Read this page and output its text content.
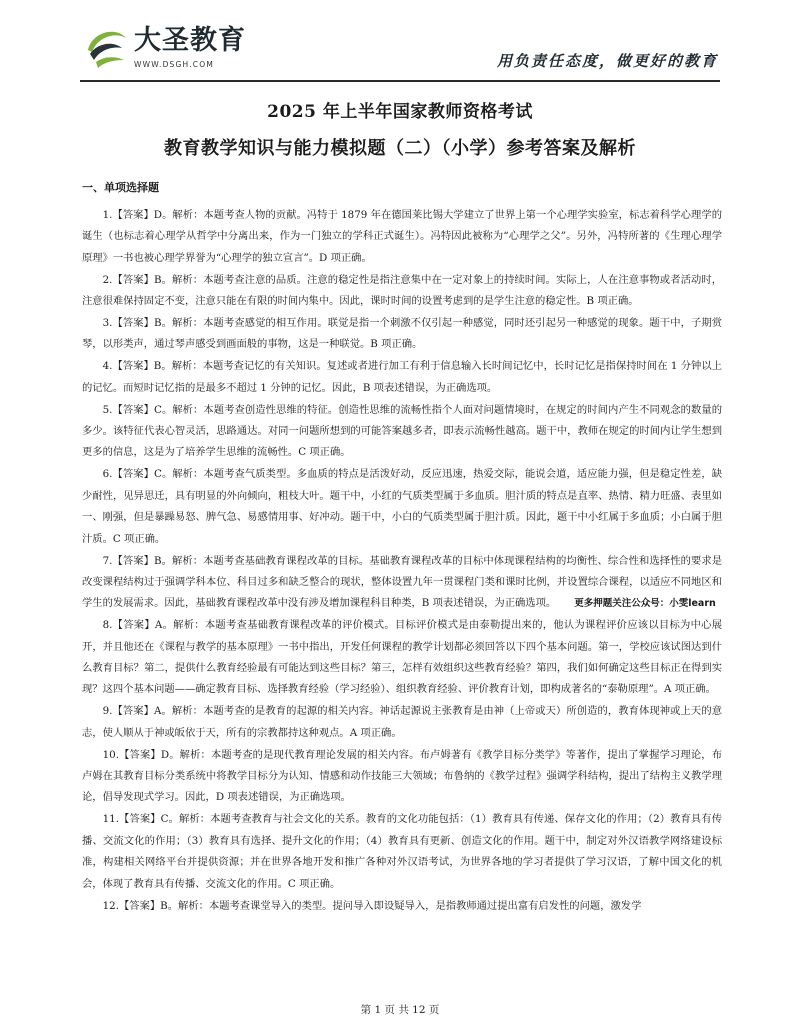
大圣教育
WWW.DSGH.COM	用负责任态度，做更好的教育
2025 年上半年国家教师资格考试
教育教学知识与能力模拟题（二）（小学）参考答案及解析
一、单项选择题

1.【答案】D。解析：本题考查人物的贡献。冯特于 1879 年在德国莱比锡大学建立了世界上第一个心理学实验室，标志着科学心理学的诞生（也标志着心理学从哲学中分离出来，作为一门独立的学科正式诞生）。冯特因此被称为“心理学之父”。另外，冯特所著的《生理心理学原理》一书也被心理学界誉为“心理学的独立宣言”。D 项正确。

2.【答案】B。解析：本题考查注意的品质。注意的稳定性是指注意集中在一定对象上的持续时间。实际上，人在注意事物或者活动时，注意很难保持固定不变，注意只能在有限的时间内集中。因此，课时时间的设置考虑到的是学生注意的稳定性。B 项正确。

3.【答案】B。解析：本题考查感觉的相互作用。联觉是指一个刺激不仅引起一种感觉，同时还引起另一种感觉的现象。题干中，子期赏琴，以形类声，通过琴声感受到画面般的事物，这是一种联觉。B 项正确。

4.【答案】B。解析：本题考查记忆的有关知识。复述或者进行加工有利于信息输入长时间记忆中，长时记忆是指保持时间在 1 分钟以上的记忆。而短时记忆指的是最多不超过 1 分钟的记忆。因此，B 项表述错误，为正确选项。

5.【答案】C。解析：本题考查创造性思维的特征。创造性思维的流畅性指个人面对问题情境时，在规定的时间内产生不同观念的数量的多少。该特征代表心智灵活，思路通达。对同一问题所想到的可能答案越多者，即表示流畅性越高。题干中，教师在规定的时间内让学生想到更多的信息，这是为了培养学生思维的流畅性。C 项正确。

6.【答案】C。解析：本题考查气质类型。多血质的特点是活泼好动，反应迅速，热爱交际，能说会道，适应能力强，但是稳定性差，缺少耐性，见异思迁，具有明显的外向倾向，粗枝大叶。题干中，小红的气质类型属于多血质。胆汁质的特点是直率、热情、精力旺盛、表里如一、刚强，但是暴躁易怒、脾气急、易感情用事、好冲动。题干中，小白的气质类型属于胆汁质。因此，题干中小红属于多血质；小白属于胆汁质。C 项正确。

7.【答案】B。解析：本题考查基础教育课程改革的目标。基础教育课程改革的目标中体现课程结构的均衡性、综合性和选择性的要求是改变课程结构过于强调学科本位、科目过多和缺乏整合的现状，整体设置九年一贯课程门类和课时比例，并设置综合课程，以适应不同地区和学生的发展需求。因此，基础教育课程改革中没有涉及增加课程科目种类，B 项表述错误，为正确选项。 更多押题关注公众号：小雯learn

8.【答案】A。解析：本题考查基础教育课程改革的评价模式。目标评价模式是由泰勒提出来的，他认为课程评价应该以目标为中心展开，并且他还在《课程与教学的基本原理》一书中指出，开发任何课程的教学计划都必须回答以下四个基本问题。第一，学校应该试图达到什么教育目标？第二，提供什么教育经验最有可能达到这些目标？第三，怎样有效组织这些教育经验？第四，我们如何确定这些目标正在得到实现？这四个基本问题——确定教育目标、选择教育经验（学习经验）、组织教育经验、评价教育计划，即构成著名的“泰勒原理”。A 项正确。

9.【答案】A。解析：本题考查的是教育的起源的相关内容。神话起源说主张教育是由神（上帝或天）所创造的，教育体现神或上天的意志，使人顺从于神或皈依于天，所有的宗教都持这种观点。A 项正确。

10.【答案】D。解析：本题考查的是现代教育理论发展的相关内容。布卢姆著有《教学目标分类学》等著作，提出了掌握学习理论，布卢姆在其教育目标分类系统中将教学目标分为认知、情感和动作技能三大领域；布鲁纳的《教学过程》强调学科结构，提出了结构主义教学理论，倡导发现式学习。因此，D 项表述错误，为正确选项。

11.【答案】C。解析：本题考查教育与社会文化的关系。教育的文化功能包括：（1）教育具有传递、保存文化的作用；（2）教育具有传播、交流文化的作用；（3）教育具有选择、提升文化的作用；（4）教育具有更新、创造文化的作用。题干中，制定对外汉语教学网络建设标准，构建相关网络平台并提供资源；并在世界各地开发和推广各种对外汉语考试，为世界各地的学习者提供了学习汉语，了解中国文化的机会，体现了教育具有传播、交流文化的作用。C 项正确。

12.【答案】B。解析：本题考查课堂导入的类型。提问导入即设疑导入，是指教师通过提出富有启发性的问题，激发学

第 1 页 共 12 页
